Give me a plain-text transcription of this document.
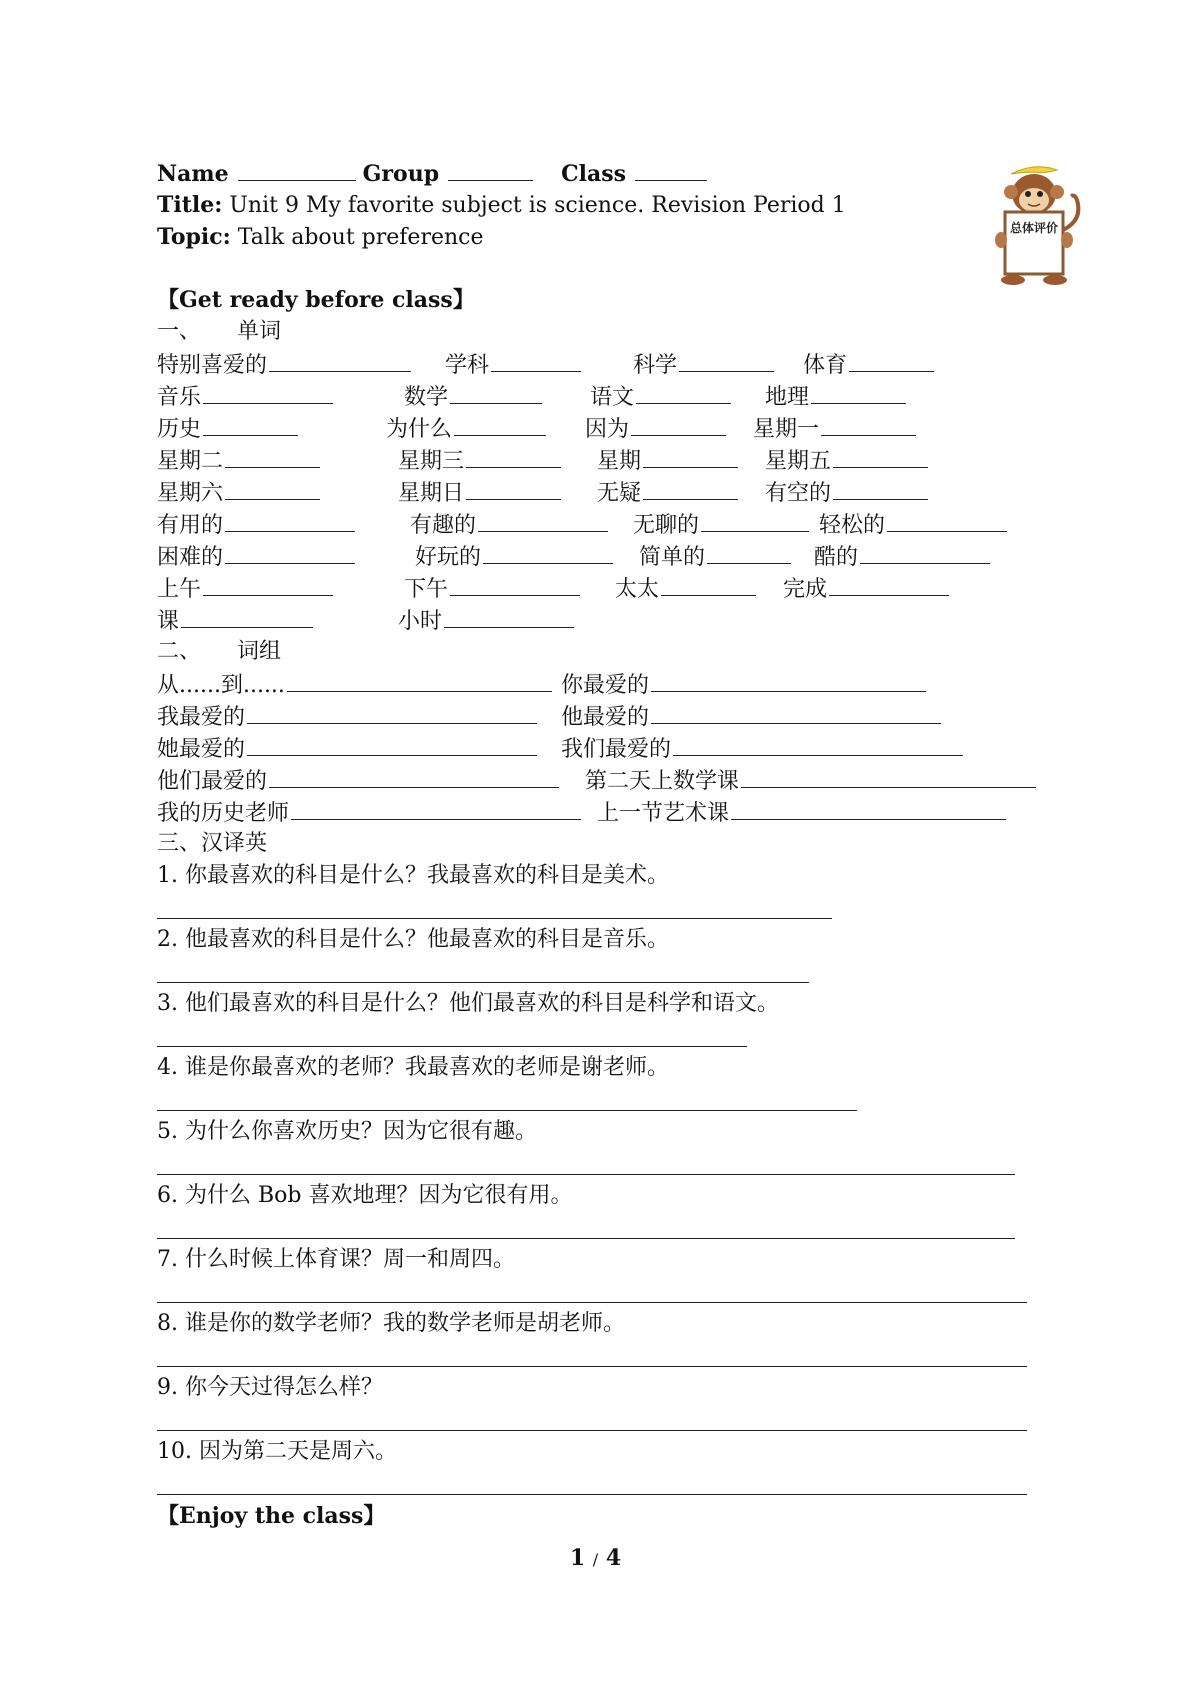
Name	Group	Class
Title: Unit 9 My favorite subject is science. Revision Period 1
Topic: Talk about preference	总体评价
【Get ready before class】
一、 单词
特别喜爱的	学科	科学	体育
音乐	数学	语文	地理
历史	为什么	因为	星期一
星期二	星期三	星期	星期五
星期六	星期日	无疑	有空的
有用的	有趣的	无聊的	轻松的
困难的	好玩的	简单的	酷的
上午	下午	太太	完成
课	小时
二、 词组
从......到......	你最爱的
我最爱的	他最爱的
她最爱的	我们最爱的
他们最爱的	第二天上数学课
我的历史老师	上一节艺术课
三、汉译英
1. 你最喜欢的科目是什么？我最喜欢的科目是美术。
2. 他最喜欢的科目是什么？他最喜欢的科目是音乐。
3. 他们最喜欢的科目是什么？他们最喜欢的科目是科学和语文。
4. 谁是你最喜欢的老师？我最喜欢的老师是谢老师。
5. 为什么你喜欢历史？因为它很有趣。
6. 为什么 Bob 喜欢地理？因为它很有用。
7. 什么时候上体育课？周一和周四。
8. 谁是你的数学老师？我的数学老师是胡老师。
9. 你今天过得怎么样？
10. 因为第二天是周六。
【Enjoy the class】
1 / 4
